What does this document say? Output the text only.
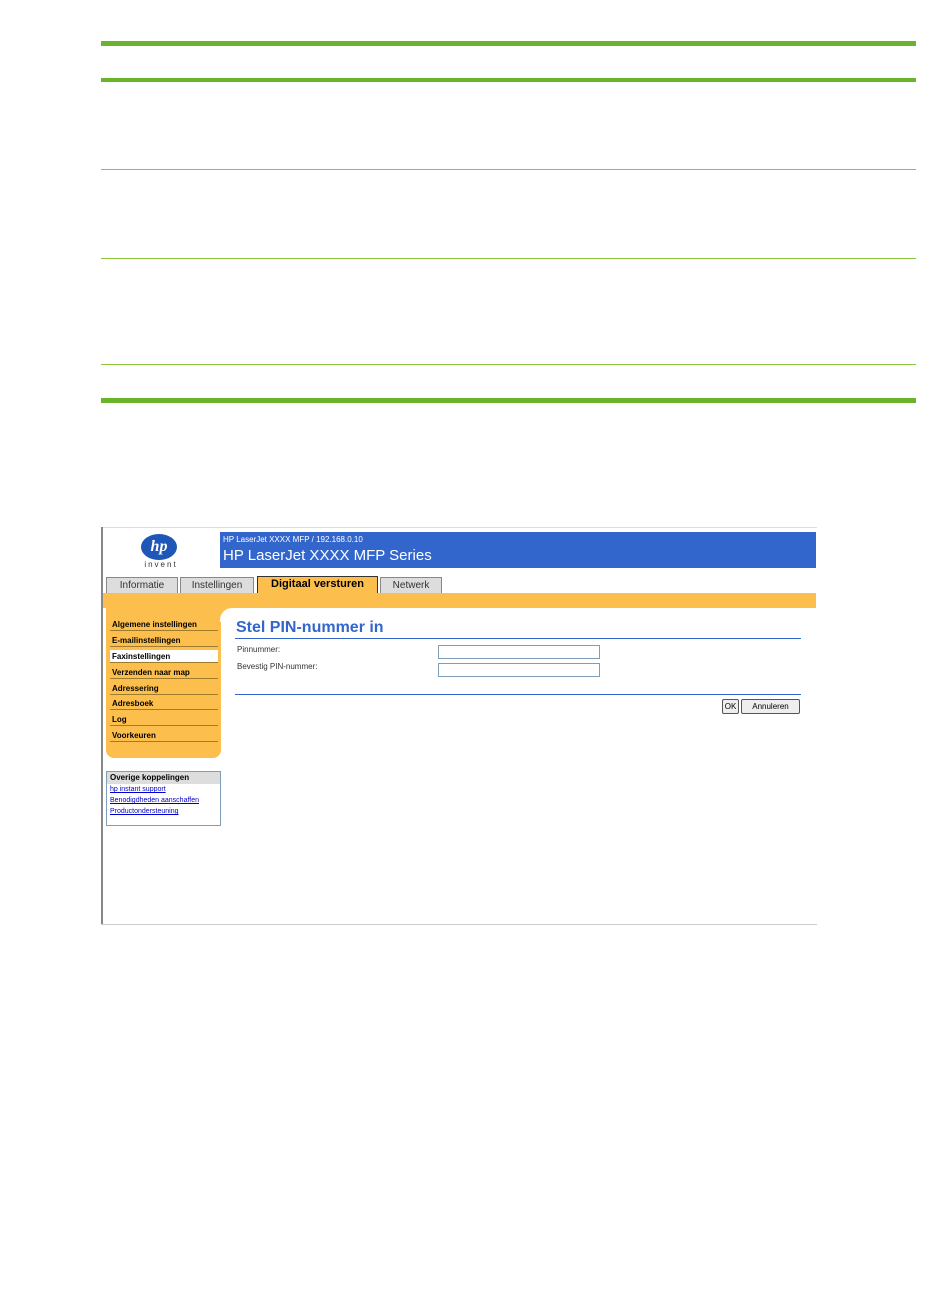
hp
invent
HP LaserJet XXXX MFP / 192.168.0.10
HP LaserJet XXXX MFP Series
Informatie	Instellingen	Digitaal versturen	Netwerk
Algemene instellingen
E-mailinstellingen
Faxinstellingen
Verzenden naar map
Adressering
Adresboek
Log
Voorkeuren
Overige koppelingen
hp instant support
Benodigdheden aanschaffen
Productondersteuning
Stel PIN-nummer in
Pinnummer:
Bevestig PIN-nummer:
OK	Annuleren
